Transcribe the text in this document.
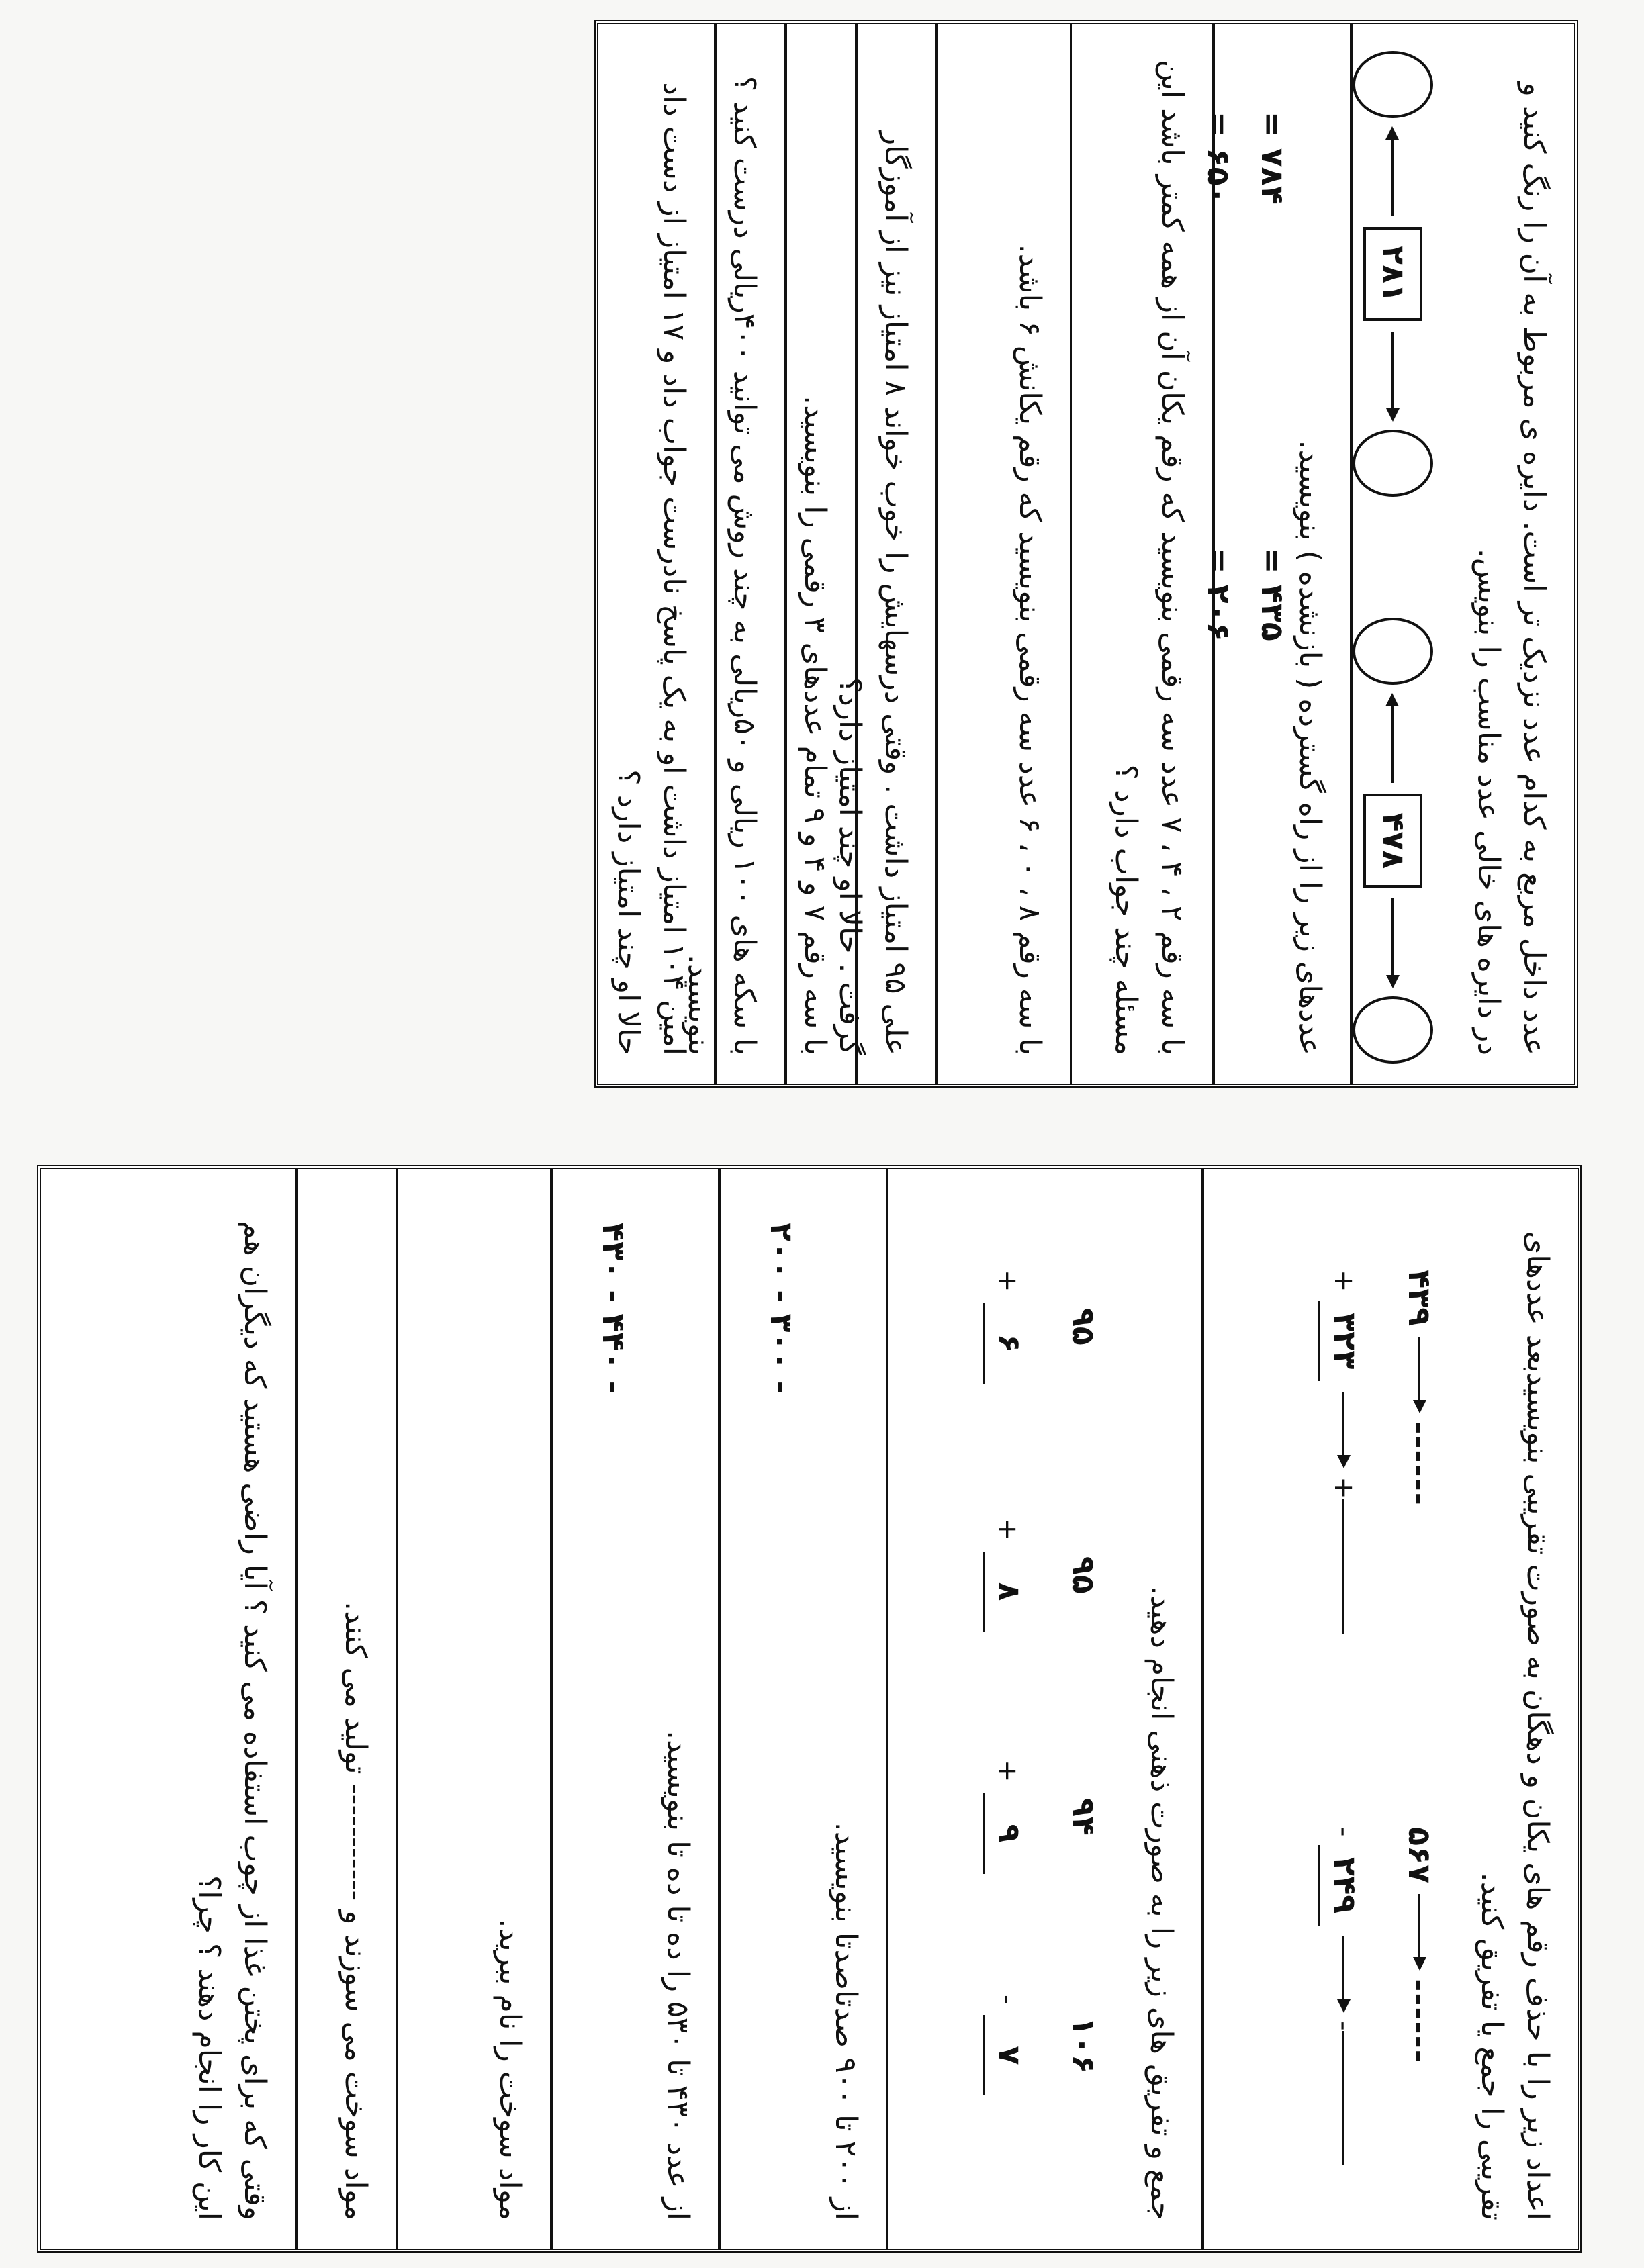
عدد داخل مربع به کدام عدد نزدیک تر است. دایره ی مربوط به آن را رنگ کنید و در دایره های خالی عدد مناسب را بنویس.

۲۸۱
۴۷۸

عددهای زیر را از راه گسترده ( بازنشده ) بنویسید.

۷۸۴ =
۴۳۵ =
۶۵۰ =
۲۰۶ =

با سه رقم ۲ ، ۴ ، ۷ عدد سه رقمی بنویسید که رقم یکان آن از همه کمتر باشد این مسئله چند جواب دارد ؟

با سه رقم ۸ ، ۰ ، ۶ عدد سه رقمی بنویسید که رقم یکانش ۶ باشد.

علی ۹۵ امتیاز داشت . وقتی درسهایش را خوب خواند ۸ امتیاز نیز از آموزگار گرفت . حالا او چند امتیاز دارد؟

با سه رقم ۷ و ۴ و ۹ تمام عددهای ۳ رقمی را بنویسید.

با سکه های ۱۰۰ ریالی و ۵۰ریالی به چند روش می توانید ۴۰۰ریالی درست کنید ؟ بنویسید.

امین ۱۰۴ امتیاز داشت او به یک پاسخ نادرست جواب داد و ۱۷ امتیاز از دست داد حالا او چند امتیاز دارد ؟

اعداد زیر را با حذف رقم های یکان و دهگان به صورت تقریبی بنویسیدبعد عددهای تقریبی را جمع یا تفریق کنید.

۴۳۹
------
+
۳۲۳
+
۵۶۷
------
-
۲۴۹
-

جمع و تفریق های زیر را به صورت ذهنی انجام دهید.

۹۵
+ ۶
۹۵
+ ۸
۹۴
+ ۹
۱۰۶
- ۷

از ۲۰۰ تا ۹۰۰ صدتاصدتا بنویسید.

۲۰۰ - ۳۰۰ -

از عدد ۴۳۰ تا ۵۳۰ را ده تا ده تا بنویسید.

۴۳۰ - ۴۴۰ -

مواد سوخت را نام ببرید.

مواد سوخت می سوزند و ----------- تولید می کنند.

وقتی که برای پختن غذا از چوب استفاده می کنید ؟ آیا راضی هستید که دیگران هم این کار را انجام دهند ؟ چرا؟
